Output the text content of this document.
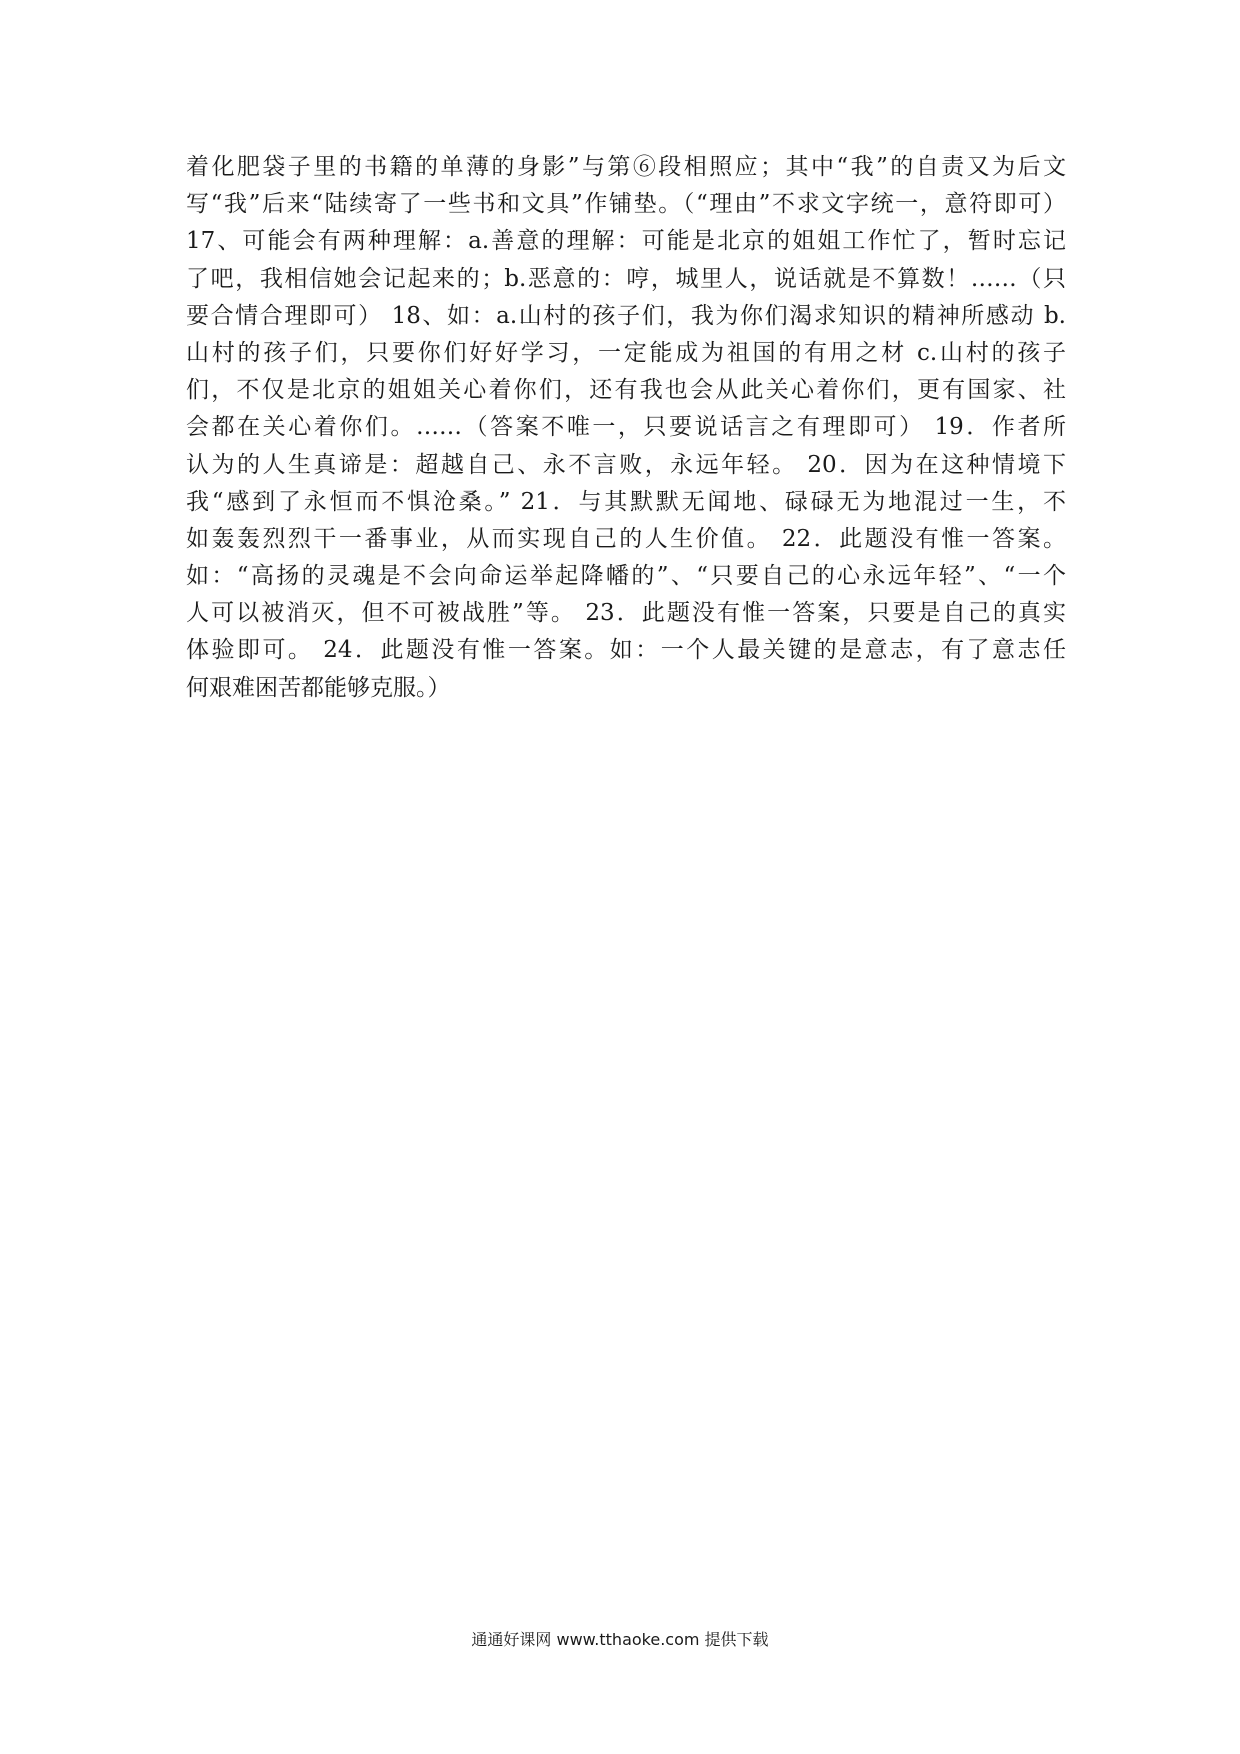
着化肥袋子里的书籍的单薄的身影”与第⑥段相照应；其中“我”的自责又为后文
写“我”后来“陆续寄了一些书和文具”作铺垫。（“理由”不求文字统一，意符即可）
17、可能会有两种理解：a.善意的理解：可能是北京的姐姐工作忙了，暂时忘记
了吧，我相信她会记起来的；b.恶意的：哼，城里人，说话就是不算数！……（只
要合情合理即可） 18、如：a.山村的孩子们，我为你们渴求知识的精神所感动 b.
山村的孩子们，只要你们好好学习，一定能成为祖国的有用之材 c.山村的孩子
们，不仅是北京的姐姐关心着你们，还有我也会从此关心着你们，更有国家、社
会都在关心着你们。……（答案不唯一，只要说话言之有理即可） 19．作者所
认为的人生真谛是：超越自己、永不言败，永远年轻。 20．因为在这种情境下
我“感到了永恒而不惧沧桑。” 21．与其默默无闻地、碌碌无为地混过一生，不
如轰轰烈烈干一番事业，从而实现自己的人生价值。 22．此题没有惟一答案。
如：“高扬的灵魂是不会向命运举起降幡的”、“只要自己的心永远年轻”、“一个
人可以被消灭，但不可被战胜”等。 23．此题没有惟一答案，只要是自己的真实
体验即可。 24．此题没有惟一答案。如：一个人最关键的是意志，有了意志任
何艰难困苦都能够克服。）
通通好课网 www.tthaoke.com 提供下载
